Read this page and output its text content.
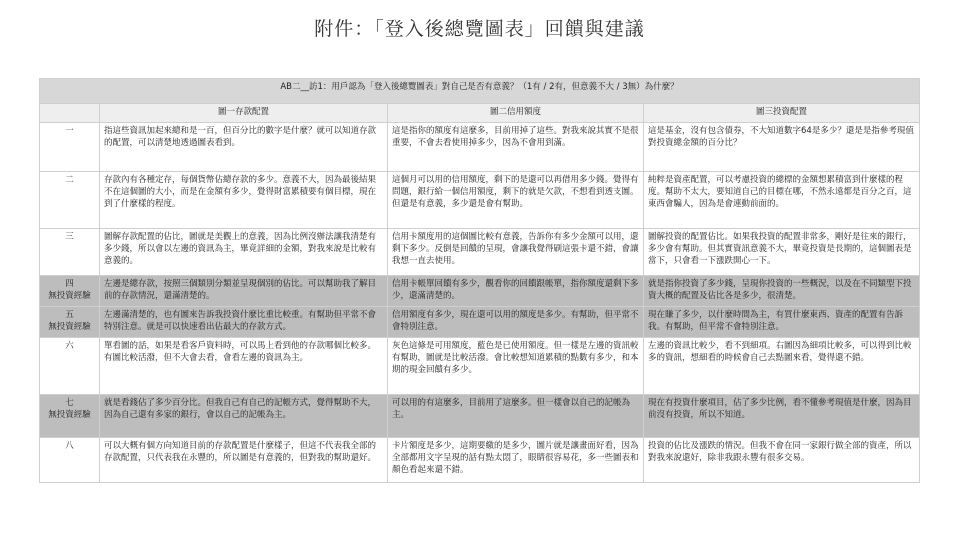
附件：「登入後總覽圖表」回饋與建議
AB二__訪1：用戶認為「登入後總覽圖表」對自己是否有意義？（1有 / 2有，但意義不大 / 3無）為什麼？			
	圖一存款配置	圖二信用額度	圖三投資配置
一	指這些資訊加起來總和是一百，但百分比的數字是什麼？就可以知道存款的配置，可以清楚地透過圖表看到。	這是指你的額度有這麼多，目前用掉了這些。對我來說其實不是很重要，不會去看使用掉多少，因為不會用到滿。	這是基金，沒有包含債券，不大知道數字64是多少？還是是指參考現值對投資總金額的百分比？
二	存款內有各種定存，每個貨幣佔總存款的多少。意義不大，因為最後結果不在這個圖的大小，而是在金額有多少，覺得財富累積要有個目標，現在到了什麼樣的程度。	這個月可以用的信用額度，剩下的是還可以再借用多少錢。覺得有問題，銀行給一個信用額度，剩下的就是欠款，不想看到透支圖。但還是有意義，多少還是會有幫助。	純粹是資產配置，可以考慮投資的總標的金額想累積富到什麼樣的程度。幫助不太大，要知道自己的目標在哪，不然永遠都是百分之百，這東西會騙人，因為是會連動前面的。
三	圖解存款配置的佔比，圖就是美觀上的意義，因為比例沒辦法讓我清楚有多少錢，所以會以左邊的資訊為主，畢竟詳細的金額，對我來說是比較有意義的。	信用卡額度用的這個圖比較有意義，告訴你有多少金額可以用，還剩下多少。反倒是回饋的呈現，會讓我覺得刷這張卡還不錯，會讓我想一直去使用。	圖解投資的配置佔比。如果我投資的配置非常多，剛好是往來的銀行，多少會有幫助。但其實資訊意義不大，畢竟投資是長期的，這個圖表是當下，只會看一下漲跌開心一下。
四
無投資經驗	左邊是總存款，按照三個類別分類並呈現個別的佔比。可以幫助我了解目前的存款情況，還滿清楚的。	信用卡帳單回饋有多少，觀看你的回饋跟帳單，指你額度還剩下多少，還滿清楚的。	就是指你投資了多少錢，呈現你投資的一些概況，以及在不同類型下投資大概的配置及佔比各是多少，很清楚。
五
無投資經驗	左邊滿清楚的，也有圖來告訴我投資什麼比重比較重。有幫助但平常不會特別注意。就是可以快速看出佔最大的存款方式。	信用額度有多少，現在還可以用的額度是多少。有幫助，但平常不會特別注意。	現在賺了多少，以什麼時間為主，有買什麼東西、資產的配置有告訴我。有幫助，但平常不會特別注意。
六	單看圖的話，如果是看客戶資料時，可以馬上看到他的存款哪個比較多。有圖比較活潑，但不大會去看，會看左邊的資訊為主。	灰色這條是可用額度，藍色是已使用額度。但一樣是左邊的資訊較有幫助，圖就是比較活潑。會比較想知道累積的點數有多少，和本期的現金回饋有多少。	左邊的資訊比較少，看不到細項。右圖因為細項比較多，可以得到比較多的資訊，想細看的時候會自己去點圖來看，覺得還不錯。
七
無投資經驗	就是看錢佔了多少百分比。但我自己有自己的記帳方式，覺得幫助不大，因為自己還有多家的銀行，會以自己的記帳為主。	可以用的有這麼多，目前用了這麼多。但一樣會以自己的記帳為主。	現在有投資什麼項目，佔了多少比例，看不懂參考現值是什麼，因為目前沒有投資，所以不知道。
八	可以大概有個方向知道目前的存款配置是什麼樣子，但這不代表我全部的存款配置，只代表我在永豐的，所以圖是有意義的，但對我的幫助還好。	卡片額度是多少，這期要繳的是多少，圖片就是讓畫面好看，因為全部都用文字呈現的話有點太悶了，眼睛很容易花，多一些圖表和顏色看起來還不錯。	投資的佔比及漲跌的情況。但我不會在同一家銀行做全部的資產，所以對我來說還好，除非我跟永豐有很多交易。
